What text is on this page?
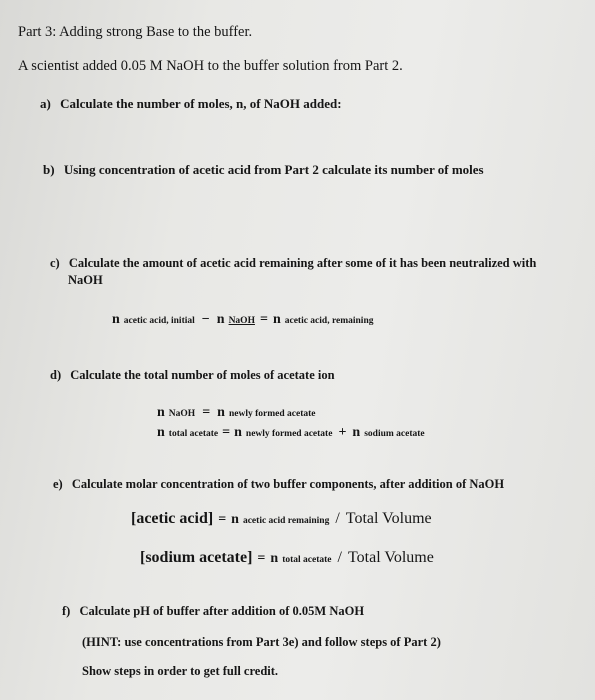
Part 3: Adding strong Base to the buffer.
A scientist added 0.05 M NaOH to the buffer solution from Part 2.
a) Calculate the number of moles, n, of NaOH added:
b) Using concentration of acetic acid from Part 2 calculate its number of moles
c) Calculate the amount of acetic acid remaining after some of it has been neutralized with
NaOH
n acetic acid, initial − n NaOH = n acetic acid, remaining
d) Calculate the total number of moles of acetate ion
n NaOH = n newly formed acetate
n total acetate = n newly formed acetate + n sodium acetate
e) Calculate molar concentration of two buffer components, after addition of NaOH
[acetic acid] = n acetic acid remaining / Total Volume
[sodium acetate] = n total acetate / Total Volume
f) Calculate pH of buffer after addition of 0.05M NaOH
(HINT: use concentrations from Part 3e) and follow steps of Part 2)
Show steps in order to get full credit.
